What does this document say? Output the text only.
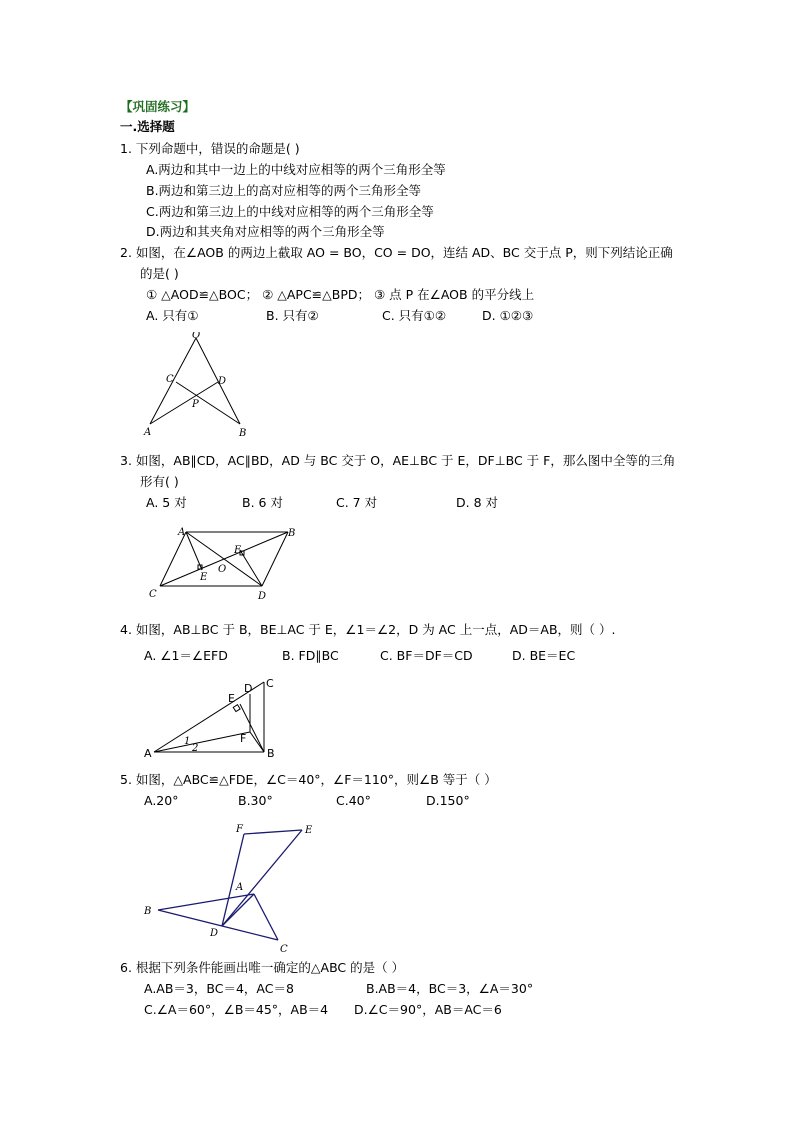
【巩固练习】
一.选择题
1. 下列命题中，错误的命题是( )
A.两边和其中一边上的中线对应相等的两个三角形全等
B.两边和第三边上的高对应相等的两个三角形全等
C.两边和第三边上的中线对应相等的两个三角形全等
D.两边和其夹角对应相等的两个三角形全等
2. 如图，在∠AOB 的两边上截取 AO = BO，CO = DO，连结 AD、BC 交于点 P，则下列结论正确
的是( )
① △AOD≌△BOC； ② △APC≌△BPD； ③ 点 P 在∠AOB 的平分线上
A. 只有①	B. 只有②	C. 只有①②	D. ①②③
O
C	D
P
A	B
3. 如图，AB∥CD，AC∥BD，AD 与 BC 交于 O，AE⊥BC 于 E，DF⊥BC 于 F，那么图中全等的三角
形有( )
A. 5 对	B. 6 对	C. 7 对	D. 8 对
A	B
C	D
E
E
O
4. 如图，AB⊥BC 于 B，BE⊥AC 于 E，∠1＝∠2，D 为 AC 上一点，AD＝AB，则（ ）.
A. ∠1＝∠EFD	B. FD∥BC	C. BF＝DF＝CD	D. BE＝EC
A	B
C
D
E
F
1
2
5. 如图，△ABC≌△FDE，∠C＝40°，∠F＝110°，则∠B 等于（ ）
A.20°	B.30°	C.40°	D.150°
F	E
A
B
D
C
6. 根据下列条件能画出唯一确定的△ABC 的是（ ）
A.AB＝3，BC＝4，AC＝8	B.AB＝4，BC＝3，∠A＝30°
C.∠A＝60°，∠B＝45°，AB＝4 D.∠C＝90°，AB＝AC＝6
